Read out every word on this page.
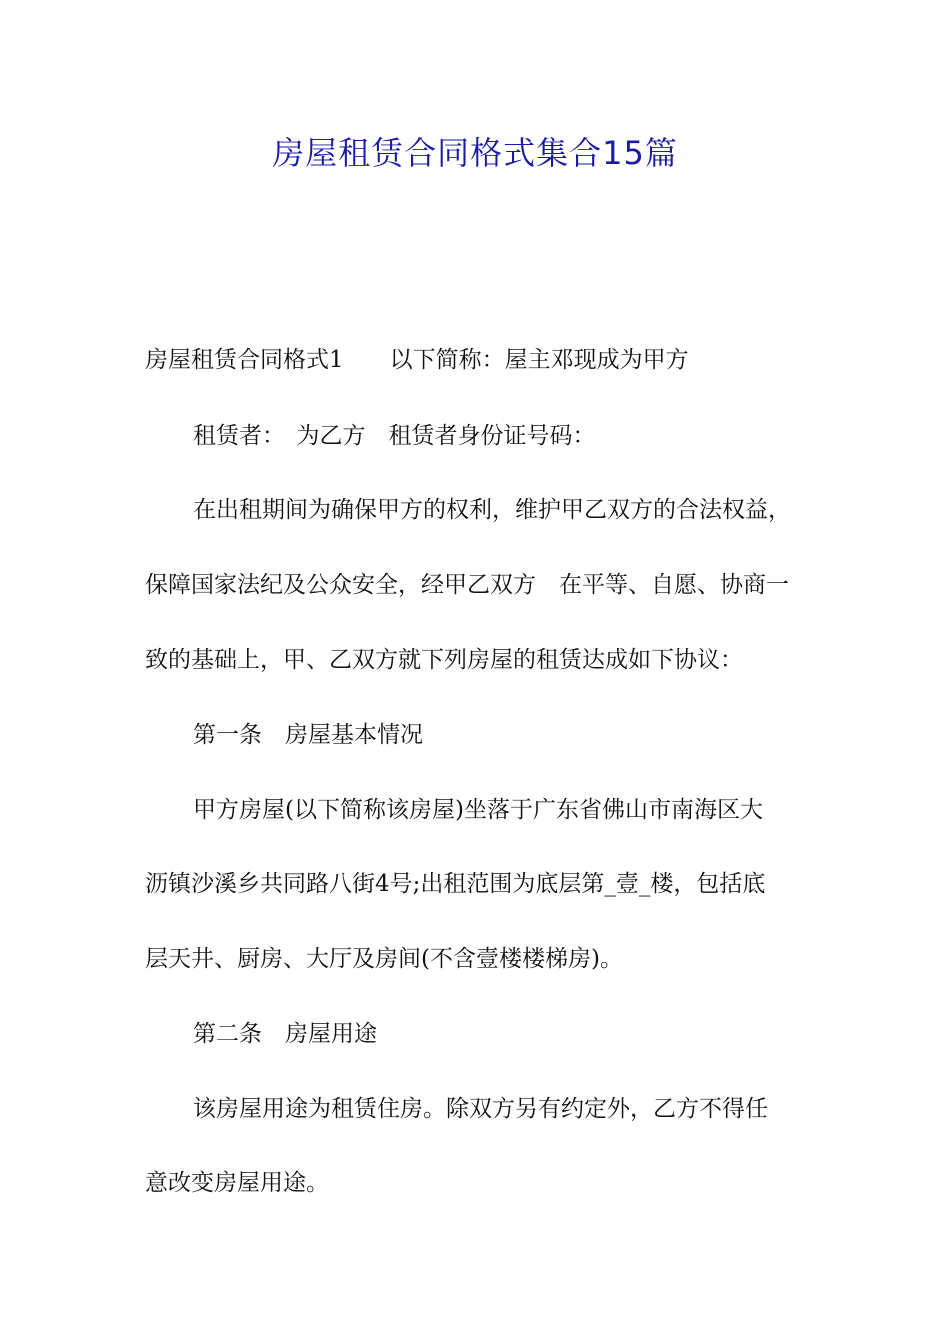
房屋租赁合同格式集合15篇
房屋租赁合同格式1　　以下简称：屋主邓现成为甲方
租赁者：　为乙方　租赁者身份证号码：
在出租期间为确保甲方的权利，维护甲乙双方的合法权益，
保障国家法纪及公众安全，经甲乙双方　在平等、自愿、协商一
致的基础上，甲、乙双方就下列房屋的租赁达成如下协议：
第一条　房屋基本情况
甲方房屋(以下简称该房屋)坐落于广东省佛山市南海区大
沥镇沙溪乡共同路八街4号;出租范围为底层第_壹_楼，包括底
层天井、厨房、大厅及房间(不含壹楼楼梯房)。
第二条　房屋用途
该房屋用途为租赁住房。除双方另有约定外，乙方不得任
意改变房屋用途。
